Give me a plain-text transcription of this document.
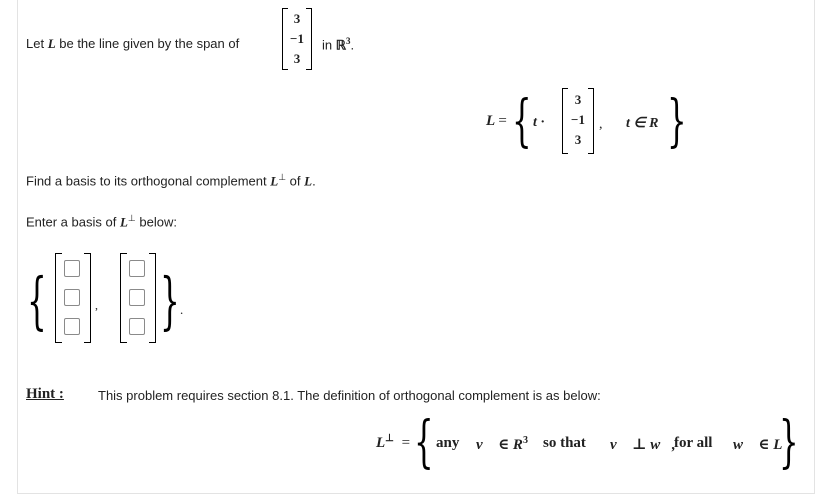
Let L be the line given by the span of
3
−1
3
in ℝ$^3$.
L = { t ·
3
−1
3
, t ∈ R }
Find a basis to its orthogonal complement L⊥ of L.
Enter a basis of L⊥ below:
{	, } .
Hint :	This problem requires section 8.1. The definition of orthogonal complement is as below:
L⊥ = { any v⃗ ∈ $R^3$ so that v⃗ ⊥ w⃗,
for all w⃗ ∈ L
}
